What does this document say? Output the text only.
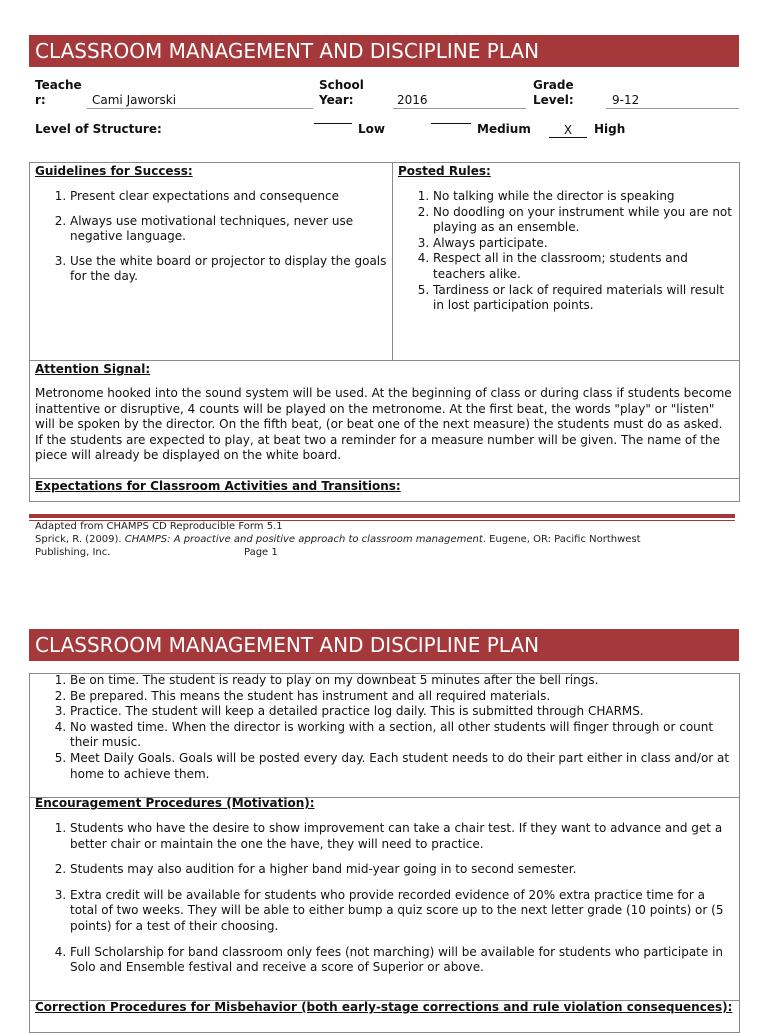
CLASSROOM MANAGEMENT AND DISCIPLINE PLAN
Teache
r:	Cami Jaworski
School
Year:	2016
Grade
Level:	9-12
Level of Structure:	Low	Medium	X	High
Guidelines for Success:
1. Present clear expectations and consequence
2. Always use motivational techniques, never use negative language.
3. Use the white board or projector to display the goals for the day.
Posted Rules:
1. No talking while the director is speaking
2. No doodling on your instrument while you are not playing as an ensemble.
3. Always participate.
4. Respect all in the classroom; students and teachers alike.
5. Tardiness or lack of required materials will result in lost participation points.
Attention Signal:

Metronome hooked into the sound system will be used. At the beginning of class or during class if students become inattentive or disruptive, 4 counts will be played on the metronome. At the first beat, the words "play" or "listen" will be spoken by the director. On the fifth beat, (or beat one of the next measure) the students must do as asked. If the students are expected to play, at beat two a reminder for a measure number will be given. The name of the piece will already be displayed on the white board.

Expectations for Classroom Activities and Transitions:
Adapted from CHAMPS CD Reproducible Form 5.1
Sprick, R. (2009). CHAMPS: A proactive and positive approach to classroom management. Eugene, OR: Pacific Northwest
Publishing, Inc.	Page 1
CLASSROOM MANAGEMENT AND DISCIPLINE PLAN
1. Be on time. The student is ready to play on my downbeat 5 minutes after the bell rings.
2. Be prepared. This means the student has instrument and all required materials.
3. Practice. The student will keep a detailed practice log daily. This is submitted through CHARMS.
4. No wasted time. When the director is working with a section, all other students will finger through or count their music.
5. Meet Daily Goals. Goals will be posted every day. Each student needs to do their part either in class and/or at home to achieve them.
Encouragement Procedures (Motivation):
1. Students who have the desire to show improvement can take a chair test. If they want to advance and get a better chair or maintain the one the have, they will need to practice.
2. Students may also audition for a higher band mid-year going in to second semester.
3. Extra credit will be available for students who provide recorded evidence of 20% extra practice time for a total of two weeks. They will be able to either bump a quiz score up to the next letter grade (10 points) or (5 points) for a test of their choosing.
4. Full Scholarship for band classroom only fees (not marching) will be available for students who participate in Solo and Ensemble festival and receive a score of Superior or above.
Correction Procedures for Misbehavior (both early-stage corrections and rule violation consequences):
